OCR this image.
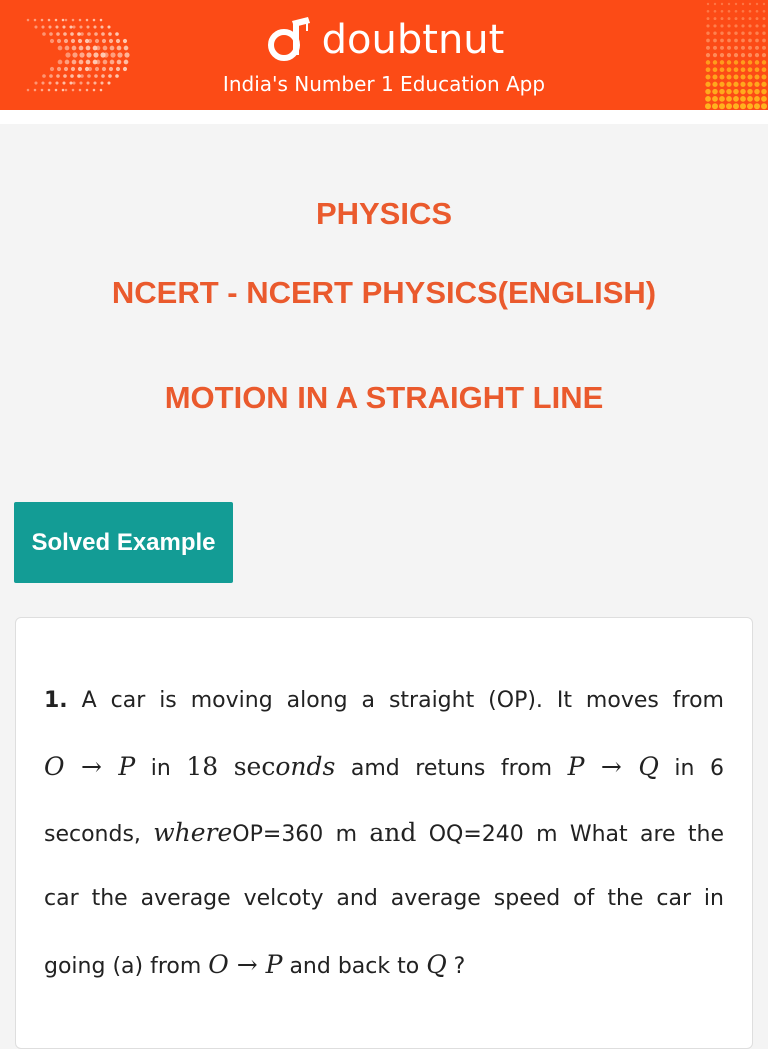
doubtnut
India's Number 1 Education App
PHYSICS
NCERT - NCERT PHYSICS(ENGLISH)
MOTION IN A STRAIGHT LINE
Solved Example
1. A car is moving along a straight (OP). It moves from
O → P in 18 seconds amd retuns from P → Q in 6
seconds, whereOP=360 m and OQ=240 m What are the
car the average velcoty and average speed of the car in
going (a) from O → P and back to Q ?
